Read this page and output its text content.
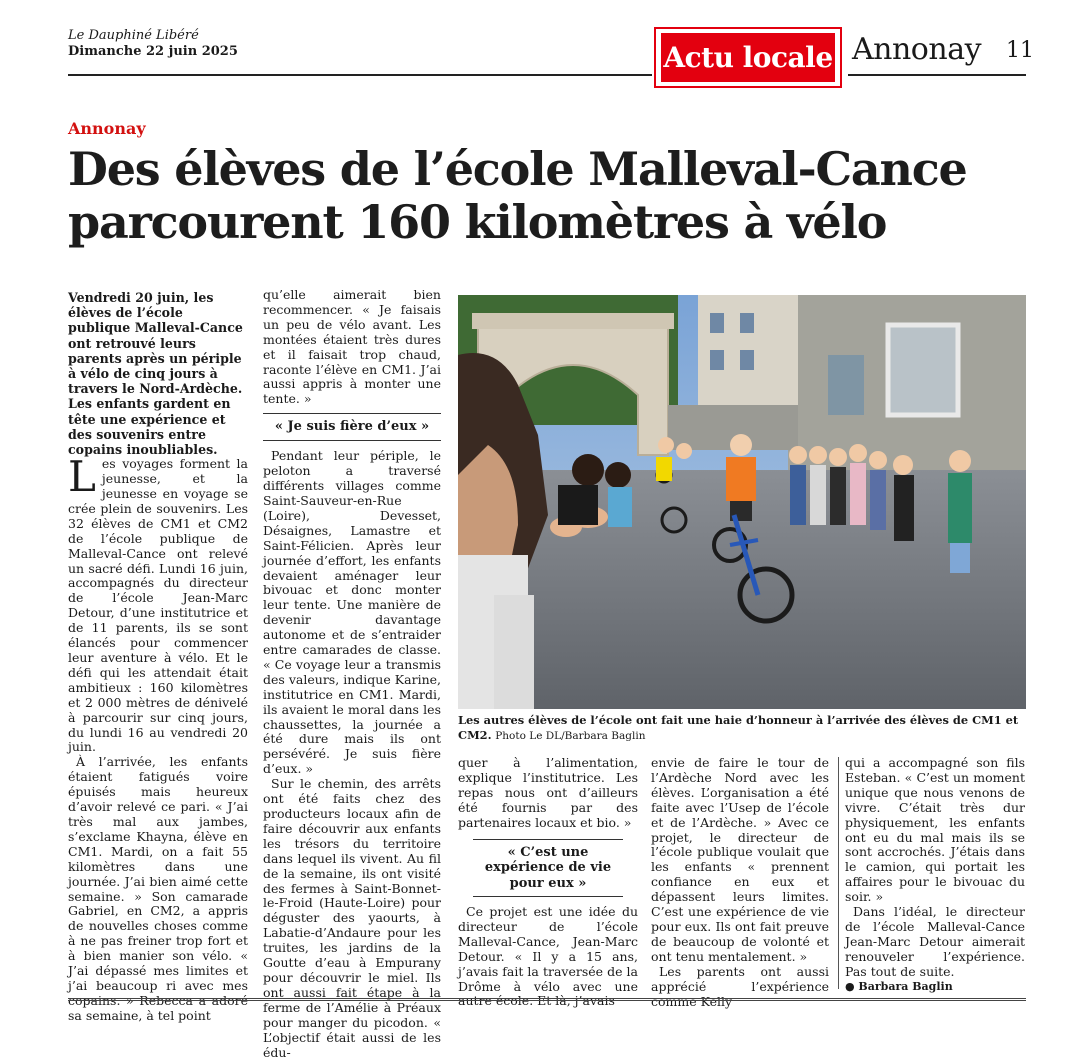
Le Dauphiné Libéré
Dimanche 22 juin 2025	Actu locale Annonay 11
Annonay
Des élèves de l’école Malleval-Cance
parcourent 160 kilomètres à vélo

Vendredi 20 juin, les élèves de l’école publique Malleval-Cance ont retrouvé leurs parents après un périple à vélo de cinq jours à travers le Nord-Ardèche. Les enfants gardent en tête une expérience et des souvenirs entre copains inoubliables.

Les voyages forment la jeunesse, et la jeunesse en voyage se crée plein de souvenirs. Les 32 élèves de CM1 et CM2 de l’école publique de Malleval-Cance ont relevé un sacré défi. Lundi 16 juin, accompagnés du directeur de l’école Jean-Marc Detour, d’une institutrice et de 11 parents, ils se sont élancés pour commencer leur aventure à vélo. Et le défi qui les attendait était ambitieux : 160 kilomètres et 2 000 mètres de dénivelé à parcourir sur cinq jours, du lundi 16 au vendredi 20 juin.

À l’arrivée, les enfants étaient fatigués voire épuisés mais heureux d’avoir relevé ce pari. « J’ai très mal aux jambes, s’exclame Khayna, élève en CM1. Mardi, on a fait 55 kilomètres dans une journée. J’ai bien aimé cette semaine. » Son camarade Gabriel, en CM2, a appris de nouvelles choses comme à ne pas freiner trop fort et à bien manier son vélo. « J’ai dépassé mes limites et j’ai beaucoup ri avec mes copains. » Rebecca a adoré sa semaine, à tel point

qu’elle aimerait bien recommencer. « Je faisais un peu de vélo avant. Les montées étaient très dures et il faisait trop chaud, raconte l’élève en CM1. J’ai aussi appris à monter une tente. »

« Je suis fière d’eux »

Pendant leur périple, le peloton a traversé différents villages comme Saint-Sauveur-en-Rue (Loire), Devesset, Désaignes, Lamastre et Saint-Félicien. Après leur journée d’effort, les enfants devaient aménager leur bivouac et donc monter leur tente. Une manière de devenir davantage autonome et de s’entraider entre camarades de classe. « Ce voyage leur a transmis des valeurs, indique Karine, institutrice en CM1. Mardi, ils avaient le moral dans les chaussettes, la journée a été dure mais ils ont persévéré. Je suis fière d’eux. »

Sur le chemin, des arrêts ont été faits chez des producteurs locaux afin de faire découvrir aux enfants les trésors du territoire dans lequel ils vivent. Au fil de la semaine, ils ont visité des fermes à Saint-Bonnet-le-Froid (Haute-Loire) pour déguster des yaourts, à Labatie-d’Andaure pour les truites, les jardins de la Goutte d’eau à Empurany pour découvrir le miel. Ils ont aussi fait étape à la ferme de l’Amélie à Préaux pour manger du picodon. « L’objectif était aussi de les édu-

Les autres élèves de l’école ont fait une haie d’honneur à l’arrivée des élèves de CM1 et CM2. Photo Le DL/Barbara Baglin

quer à l’alimentation, explique l’institutrice. Les repas nous ont d’ailleurs été fournis par des partenaires locaux et bio. »

« C’est une expérience de vie pour eux »

Ce projet est une idée du directeur de l’école Malleval-Cance, Jean-Marc Detour. « Il y a 15 ans, j’avais fait la traversée de la Drôme à vélo avec une autre école. Et là, j’avais

envie de faire le tour de l’Ardèche Nord avec les élèves. L’organisation a été faite avec l’Usep de l’école et de l’Ardèche. » Avec ce projet, le directeur de l’école publique voulait que les enfants « prennent confiance en eux et dépassent leurs limites. C’est une expérience de vie pour eux. Ils ont fait preuve de beaucoup de volonté et ont tenu mentalement. »

Les parents ont aussi apprécié l’expérience comme Kelly

qui a accompagné son fils Esteban. « C’est un moment unique que nous venons de vivre. C’était très dur physiquement, les enfants ont eu du mal mais ils se sont accrochés. J’étais dans le camion, qui portait les affaires pour le bivouac du soir. »

Dans l’idéal, le directeur de l’école Malleval-Cance Jean-Marc Detour aimerait renouveler l’expérience. Pas tout de suite.

● Barbara Baglin
